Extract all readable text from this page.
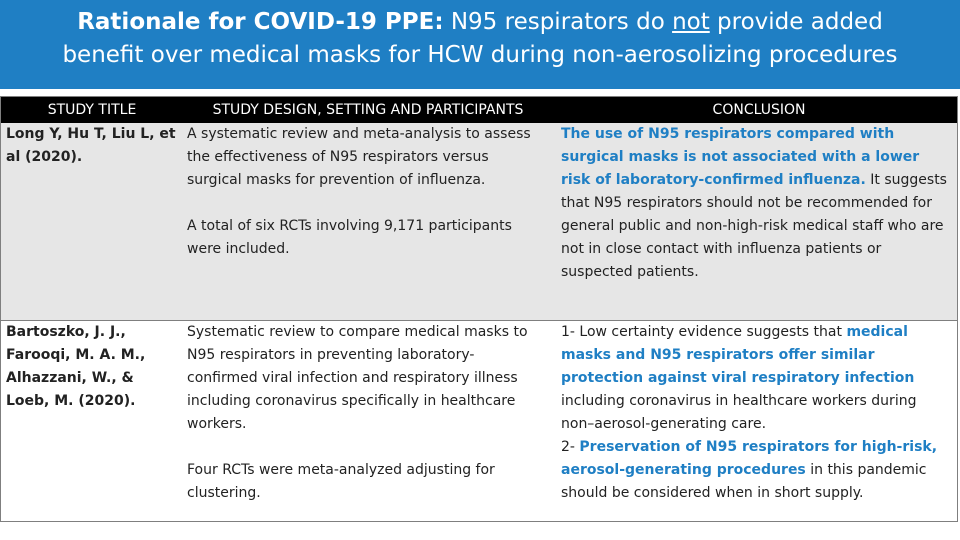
Rationale for COVID-19 PPE: N95 respirators do not provide added
benefit over medical masks for HCW during non-aerosolizing procedures
STUDY TITLE	STUDY DESIGN, SETTING AND PARTICIPANTS	CONCLUSION
Long Y, Hu T, Liu L, et al (2020).

A systematic review and meta-analysis to assess the effectiveness of N95 respirators versus surgical masks for prevention of influenza.

A total of six RCTs involving 9,171 participants were included.

The use of N95 respirators compared with surgical masks is not associated with a lower risk of laboratory-confirmed influenza. It suggests that N95 respirators should not be recommended for general public and non-high-risk medical staff who are not in close contact with influenza patients or suspected patients.
Bartoszko, J. J., Farooqi, M. A. M., Alhazzani, W., & Loeb, M. (2020).

Systematic review to compare medical masks to N95 respirators in preventing laboratory-confirmed viral infection and respiratory illness including coronavirus specifically in healthcare workers.

Four RCTs were meta-analyzed adjusting for clustering.

1- Low certainty evidence suggests that medical masks and N95 respirators offer similar protection against viral respiratory infection including coronavirus in healthcare workers during non–aerosol-generating care.

2- Preservation of N95 respirators for high-risk, aerosol-generating procedures in this pandemic should be considered when in short supply.
